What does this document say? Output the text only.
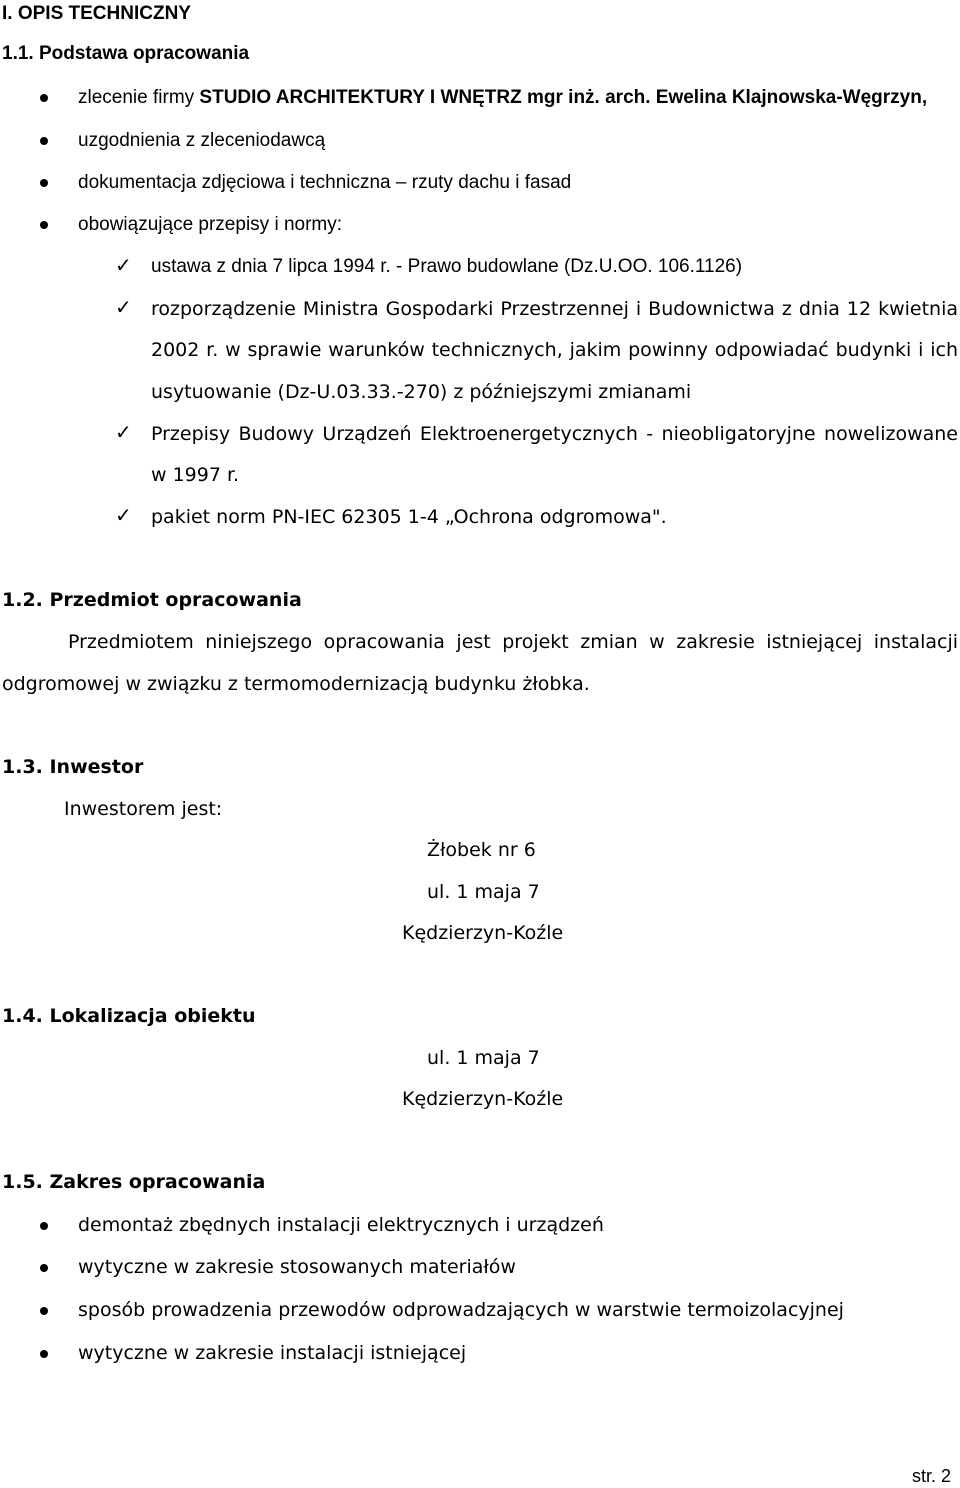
I. OPIS TECHNICZNY
1.1. Podstawa opracowania
zlecenie firmy STUDIO ARCHITEKTURY I WNĘTRZ mgr inż. arch. Ewelina Klajnowska-Węgrzyn,
uzgodnienia z zleceniodawcą
dokumentacja zdjęciowa i techniczna – rzuty dachu i fasad
obowiązujące przepisy i normy:
✓ ustawa z dnia 7 lipca 1994 r. - Prawo budowlane (Dz.U.OO. 106.1126)
✓ rozporządzenie Ministra Gospodarki Przestrzennej i Budownictwa z dnia 12 kwietnia
2002 r. w sprawie warunków technicznych, jakim powinny odpowiadać budynki i ich
usytuowanie (Dz-U.03.33.-270) z późniejszymi zmianami
✓ Przepisy Budowy Urządzeń Elektroenergetycznych - nieobligatoryjne nowelizowane
w 1997 r.
✓ pakiet norm PN-IEC 62305 1-4 „Ochrona odgromowa".
1.2. Przedmiot opracowania
Przedmiotem niniejszego opracowania jest projekt zmian w zakresie istniejącej instalacji
odgromowej w związku z termomodernizacją budynku żłobka.
1.3. Inwestor
Inwestorem jest:
Żłobek nr 6
ul. 1 maja 7
Kędzierzyn-Koźle
1.4. Lokalizacja obiektu
ul. 1 maja 7
Kędzierzyn-Koźle
1.5. Zakres opracowania
demontaż zbędnych instalacji elektrycznych i urządzeń
wytyczne w zakresie stosowanych materiałów
sposób prowadzenia przewodów odprowadzających w warstwie termoizolacyjnej
wytyczne w zakresie instalacji istniejącej
str. 2
